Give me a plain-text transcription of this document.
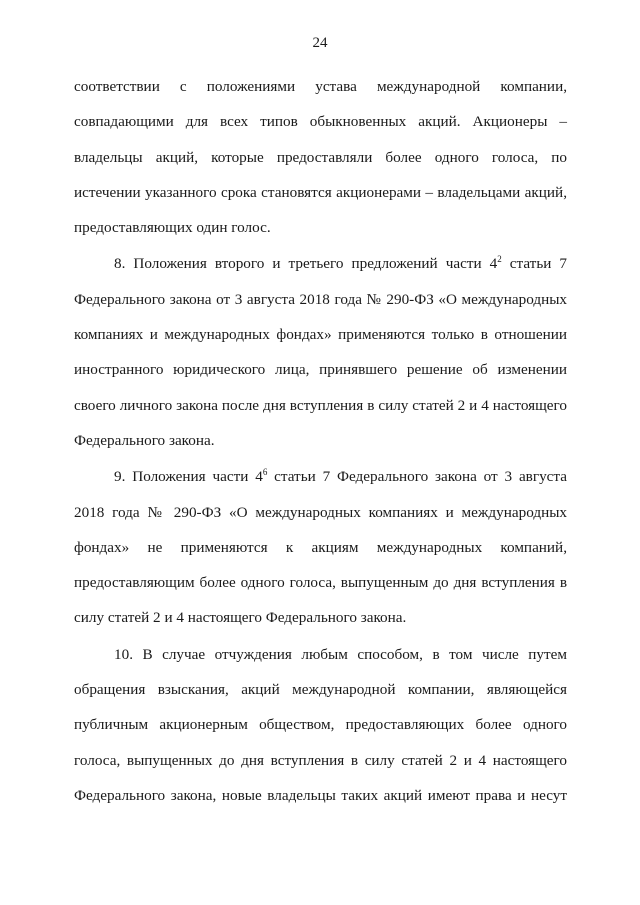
24

соответствии с положениями устава международной компании, совпадающими для всех типов обыкновенных акций. Акционеры – владельцы акций, которые предоставляли более одного голоса, по истечении указанного срока становятся акционерами – владельцами акций, предоставляющих один голос.

8. Положения второго и третьего предложений части $4^2$ статьи 7 Федерального закона от 3 августа 2018 года № 290-ФЗ «О международных компаниях и международных фондах» применяются только в отношении иностранного юридического лица, принявшего решение об изменении своего личного закона после дня вступления в силу статей 2 и 4 настоящего Федерального закона.

9. Положения части $4^6$ статьи 7 Федерального закона от 3 августа 2018 года № 290-ФЗ «О международных компаниях и международных фондах» не применяются к акциям международных компаний, предоставляющим более одного голоса, выпущенным до дня вступления в силу статей 2 и 4 настоящего Федерального закона.

10. В случае отчуждения любым способом, в том числе путем обращения взыскания, акций международной компании, являющейся публичным акционерным обществом, предоставляющих более одного голоса, выпущенных до дня вступления в силу статей 2 и 4 настоящего Федерального закона, новые владельцы таких акций имеют права и несут
